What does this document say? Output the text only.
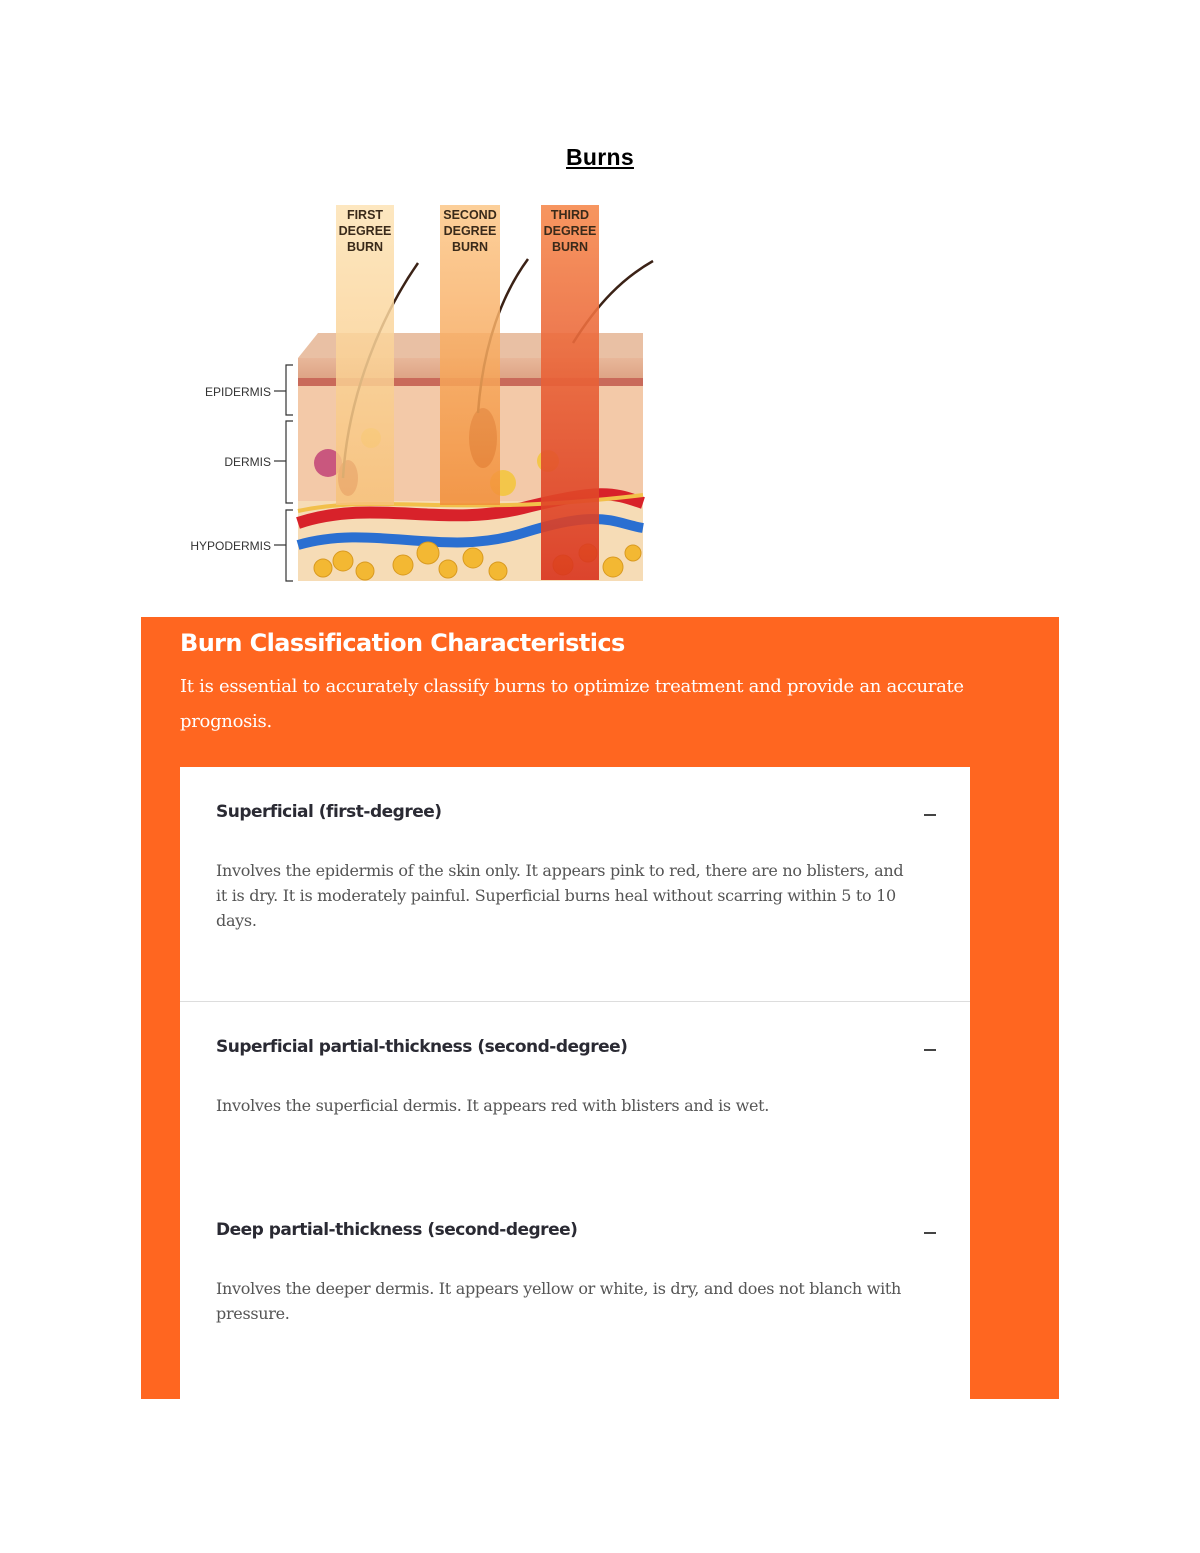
Burns
FIRST
DEGREE
BURN
SECOND
DEGREE
BURN
THIRD
DEGREE
BURN
EPIDERMIS
DERMIS
HYPODERMIS
Burn Classification Characteristics
It is essential to accurately classify burns to optimize treatment and provide an accurate
prognosis.
Superficial (first-degree)
Involves the epidermis of the skin only. It appears pink to red, there are no blisters, and
it is dry. It is moderately painful. Superficial burns heal without scarring within 5 to 10
days.
Superficial partial-thickness (second-degree)
Involves the superficial dermis. It appears red with blisters and is wet.
Deep partial-thickness (second-degree)
Involves the deeper dermis. It appears yellow or white, is dry, and does not blanch with
pressure.
